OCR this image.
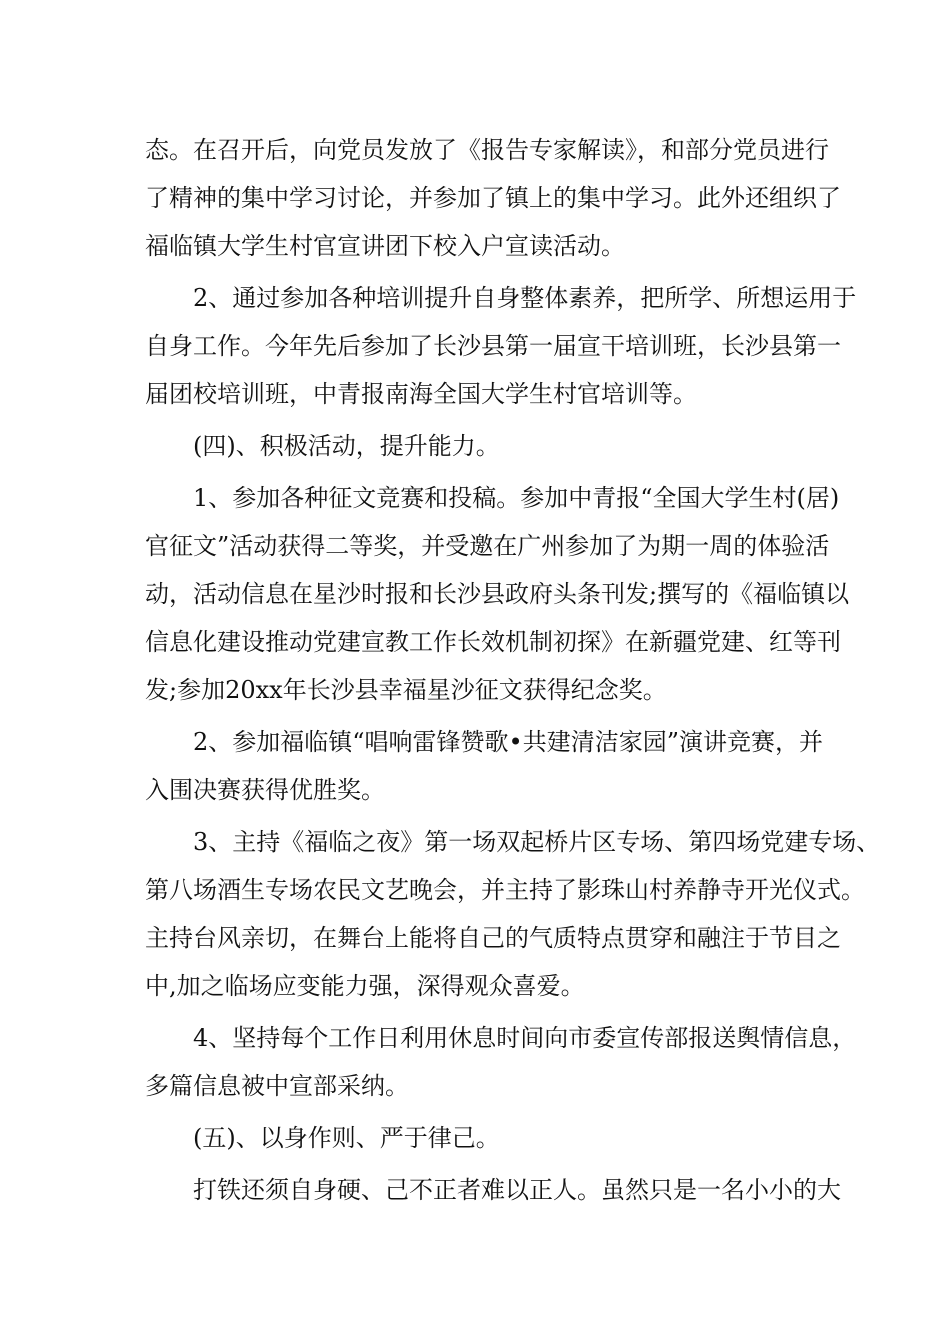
态。在召开后，向党员发放了《报告专家解读》，和部分党员进行
了精神的集中学习讨论，并参加了镇上的集中学习。此外还组织了
福临镇大学生村官宣讲团下校入户宣读活动。
2、通过参加各种培训提升自身整体素养，把所学、所想运用于
自身工作。今年先后参加了长沙县第一届宣干培训班，长沙县第一
届团校培训班，中青报南海全国大学生村官培训等。
(四)、积极活动，提升能力。
1、参加各种征文竞赛和投稿。参加中青报“全国大学生村(居)
官征文”活动获得二等奖，并受邀在广州参加了为期一周的体验活
动，活动信息在星沙时报和长沙县政府头条刊发;撰写的《福临镇以
信息化建设推动党建宣教工作长效机制初探》在新疆党建、红等刊
发;参加20xx年长沙县幸福星沙征文获得纪念奖。
2、参加福临镇“唱响雷锋赞歌•共建清洁家园”演讲竞赛，并
入围决赛获得优胜奖。
3、主持《福临之夜》第一场双起桥片区专场、第四场党建专场、
第八场酒生专场农民文艺晚会，并主持了影珠山村养静寺开光仪式。
主持台风亲切，在舞台上能将自己的气质特点贯穿和融注于节目之
中,加之临场应变能力强，深得观众喜爱。
4、坚持每个工作日利用休息时间向市委宣传部报送舆情信息，
多篇信息被中宣部采纳。
(五)、以身作则、严于律己。
打铁还须自身硬、己不正者难以正人。虽然只是一名小小的大
